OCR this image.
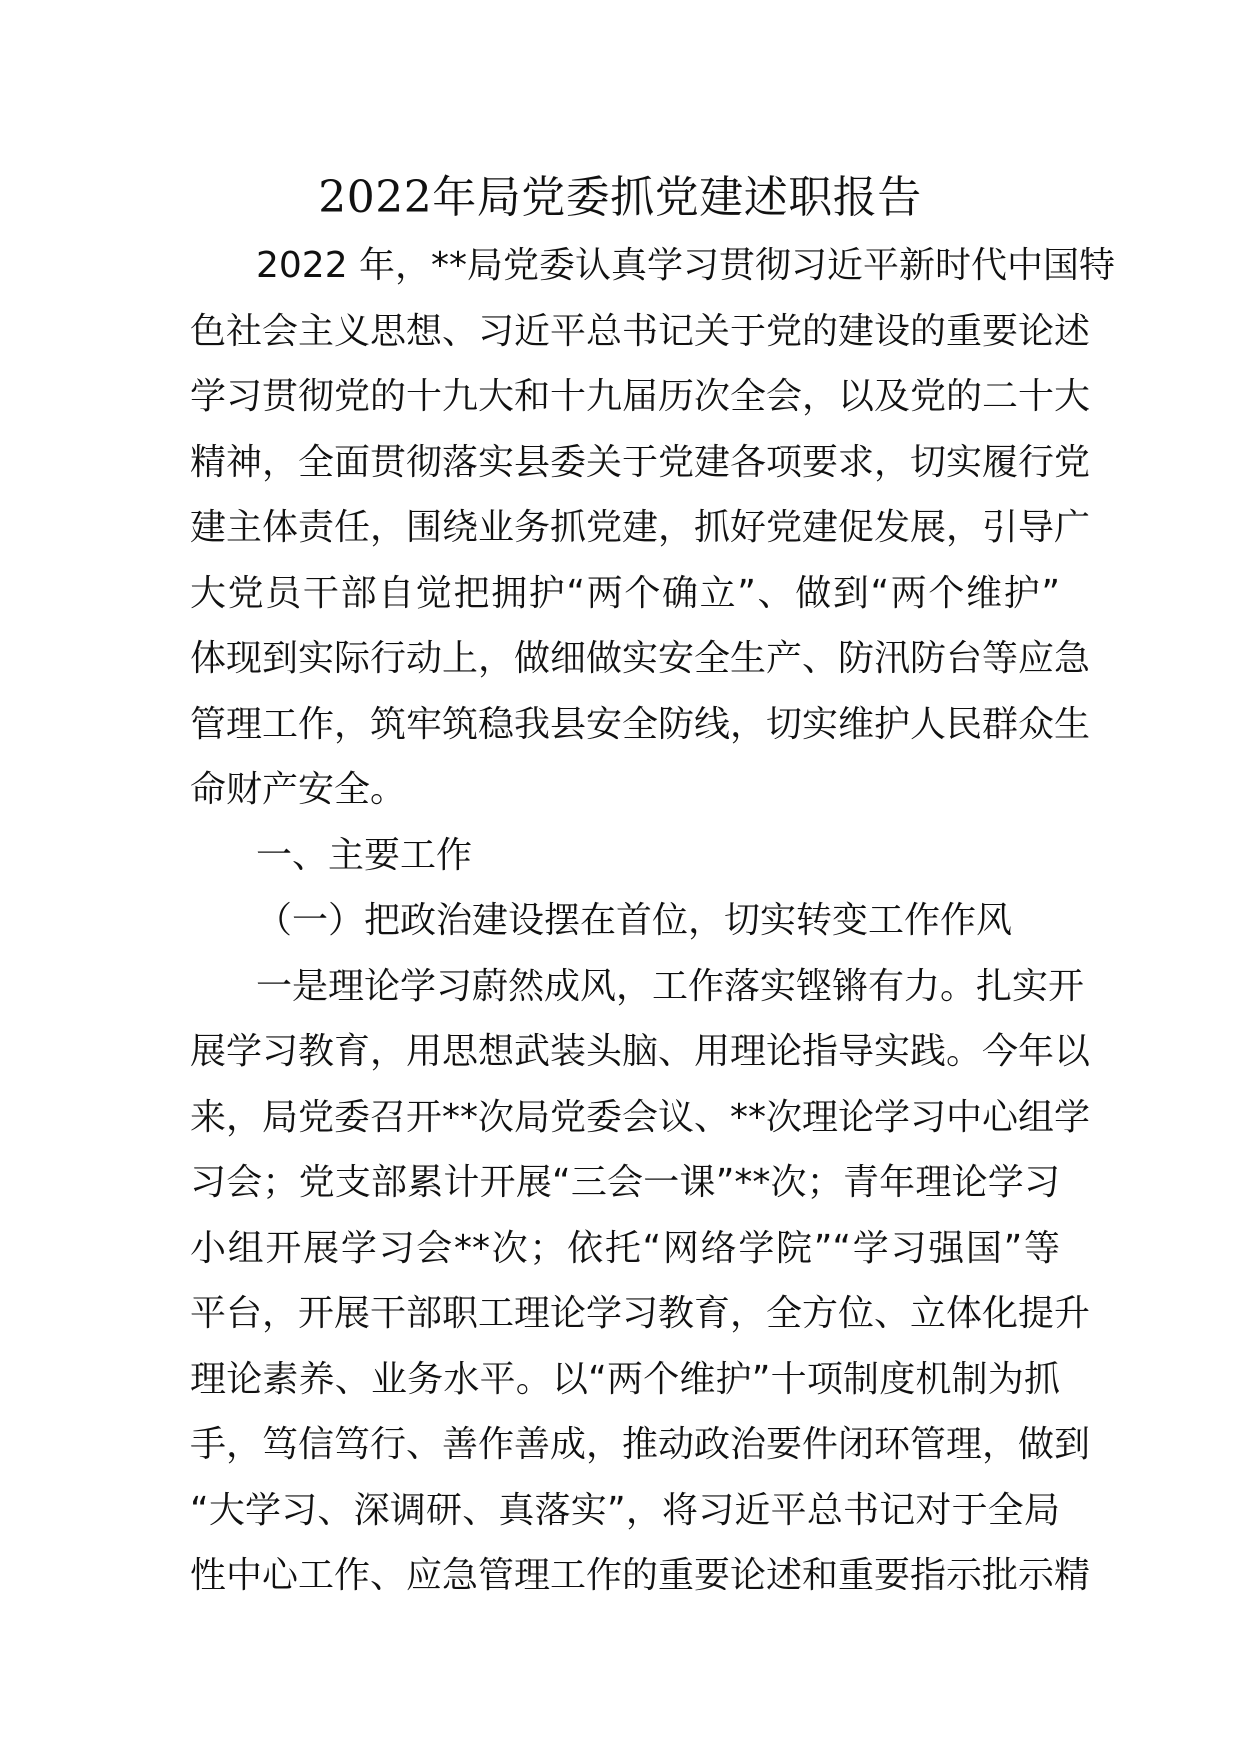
2022年局党委抓党建述职报告
2022 年，**局党委认真学习贯彻习近平新时代中国特
色社会主义思想、习近平总书记关于党的建设的重要论述
学习贯彻党的十九大和十九届历次全会，以及党的二十大
精神，全面贯彻落实县委关于党建各项要求，切实履行党
建主体责任，围绕业务抓党建，抓好党建促发展，引导广
大党员干部自觉把拥护“两个确立”、做到“两个维护”
体现到实际行动上，做细做实安全生产、防汛防台等应急
管理工作，筑牢筑稳我县安全防线，切实维护人民群众生
命财产安全。
一、主要工作
（一）把政治建设摆在首位，切实转变工作作风
一是理论学习蔚然成风，工作落实铿锵有力。扎实开
展学习教育，用思想武装头脑、用理论指导实践。今年以
来，局党委召开**次局党委会议、**次理论学习中心组学
习会；党支部累计开展“三会一课”**次；青年理论学习
小组开展学习会**次；依托“网络学院”“学习强国”等
平台，开展干部职工理论学习教育，全方位、立体化提升
理论素养、业务水平。以“两个维护”十项制度机制为抓
手，笃信笃行、善作善成，推动政治要件闭环管理，做到
“大学习、深调研、真落实”，将习近平总书记对于全局
性中心工作、应急管理工作的重要论述和重要指示批示精
